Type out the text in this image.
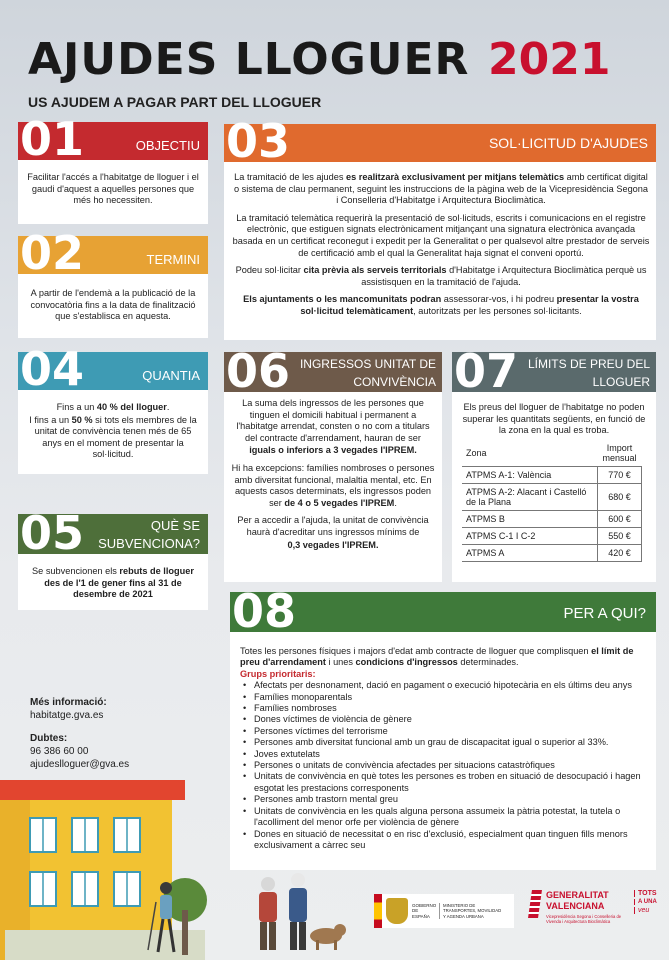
AJUDES LLOGUER 2021
US AJUDEM A PAGAR PART DEL LLOGUER
01	OBJECTIU
Facilitar l'accés a l'habitatge de lloguer i el gaudi d'aquest a aquelles persones que més ho necessiten.
02	TERMINI
A partir de l'endemà a la publicació de la convocatòria fins a la data de finalització que s'establisca en aquesta.
03	SOL·LICITUD D'AJUDES

La tramitació de les ajudes es realitzarà exclusivament per mitjans telemàtics amb certificat digital o sistema de clau permanent, seguint les instruccions de la pàgina web de la Vicepresidència Segona i Conselleria d'Habitatge i Arquitectura Bioclimàtica.

La tramitació telemàtica requerirà la presentació de sol·licituds, escrits i comunicacions en el registre electrònic, que estiguen signats electrònicament mitjançant una signatura electrònica avançada basada en un certificat reconegut i expedit per la Generalitat o per qualsevol altre prestador de serveis de certificació amb el qual la Generalitat haja signat el conveni oportú.

Podeu sol·licitar cita prèvia als serveis territorials d'Habitatge i Arquitectura Bioclimàtica perquè us assistisquen en la tramitació de l'ajuda.

Els ajuntaments o les mancomunitats podran assessorar-vos, i hi podreu presentar la vostra sol·licitud telemàticament, autoritzats per les persones sol·licitants.

04	QUANTIA

Fins a un 40 % del lloguer.

I fins a un 50 % si tots els membres de la unitat de convivència tenen més de 65 anys en el moment de presentar la sol·licitud.

05	QUÈ SE
SUBVENCIONA?
Se subvencionen els rebuts de lloguer des de l'1 de gener fins al 31 de desembre de 2021
06 INGRESSOS UNITAT DE
CONVIVÈNCIA

La suma dels ingressos de les persones que tinguen el domicili habitual i permanent a l'habitatge arrendat, consten o no com a titulars del contracte d'arrendament, hauran de ser

iguals o inferiors a 3 vegades l'IPREM.

Hi ha excepcions: famílies nombroses o persones amb diversitat funcional, malaltia mental, etc. En aquests casos determinats, els ingressos poden ser de 4 o 5 vegades l'IPREM.

Per a accedir a l'ajuda, la unitat de convivència haurà d'acreditar uns ingressos mínims de

0,3 vegades l'IPREM.

07 LÍMITS DE PREU DEL
LLOGUER
Els preus del lloguer de l'habitatge no poden superar les quantitats següents, en funció de la zona en la qual es troba.
Zona	Import mensual
ATPMS A-1: València	770 €
ATPMS A-2: Alacant i Castelló de la Plana	680 €
ATPMS B	600 €
ATPMS C-1 I C-2	550 €
ATPMS A	420 €
08	PER A QUI?

Totes les persones físiques i majors d'edat amb contracte de lloguer que complisquen el límit de preu d'arrendament i unes condicions d'ingressos determinades.

Grups prioritaris:

• Afectats per desnonament, dació en pagament o execució hipotecària en els últims deu anys
• Famílies monoparentals
• Famílies nombroses
• Dones víctimes de violència de gènere
• Persones víctimes del terrorisme
• Persones amb diversitat funcional amb un grau de discapacitat igual o superior al 33%.
• Joves extutelats
• Persones o unitats de convivència afectades per situacions catastròfiques
• Unitats de convivència en què totes les persones es troben en situació de desocupació i hagen esgotat les prestacions corresponents
• Persones amb trastorn mental greu
• Unitats de convivència en les quals alguna persona assumeix la pàtria potestat, la tutela o l'acolliment del menor orfe per violència de gènere
• Dones en situació de necessitat o en risc d'exclusió, especialment quan tinguen fills menors exclusivament a càrrec seu

Més informació:

habitatge.gva.es

Dubtes:

96 386 60 00

ajudeslloguer@gva.es

GOBIERNO DE ESPAÑA
MINISTERIO DE TRANSPORTES, MOVILIDAD Y AGENDA URBANA
GENERALITAT
VALENCIANA
Vicepresidència Segona i Conselleria de Vivenda i Arquitectura Bioclimàtica
TOTS
A UNA
veu
